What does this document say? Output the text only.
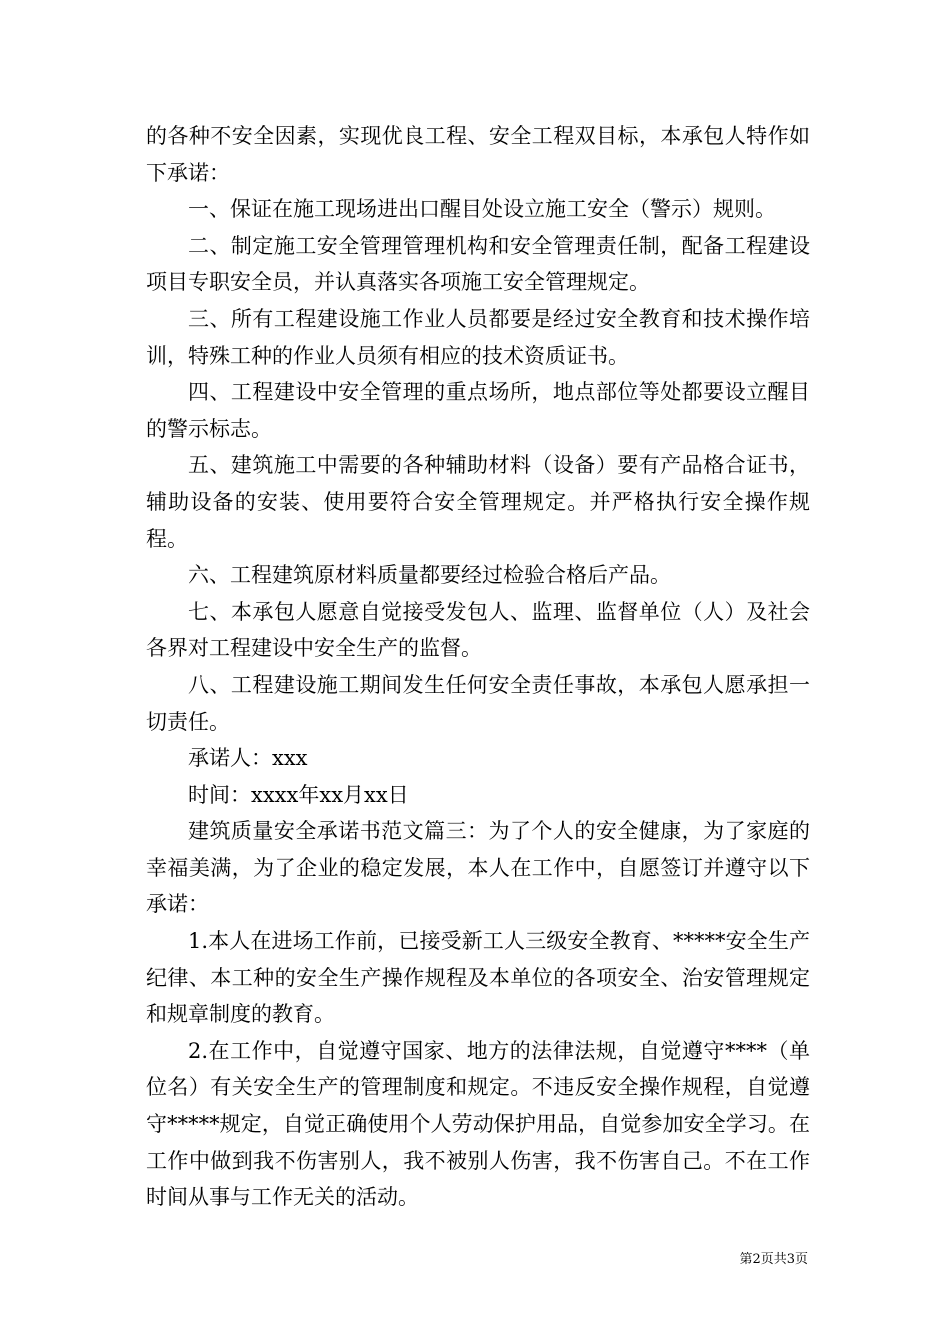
的各种不安全因素，实现优良工程、安全工程双目标，本承包人特作如下承诺：

一、保证在施工现场进出口醒目处设立施工安全（警示）规则。

二、制定施工安全管理管理机构和安全管理责任制，配备工程建设项目专职安全员，并认真落实各项施工安全管理规定。

三、所有工程建设施工作业人员都要是经过安全教育和技术操作培训，特殊工种的作业人员须有相应的技术资质证书。

四、工程建设中安全管理的重点场所，地点部位等处都要设立醒目的警示标志。

五、建筑施工中需要的各种辅助材料（设备）要有产品格合证书，辅助设备的安装、使用要符合安全管理规定。并严格执行安全操作规程。

六、工程建筑原材料质量都要经过检验合格后产品。

七、本承包人愿意自觉接受发包人、监理、监督单位（人）及社会各界对工程建设中安全生产的监督。

八、工程建设施工期间发生任何安全责任事故，本承包人愿承担一切责任。

承诺人：xxx

时间：xxxx年xx月xx日

建筑质量安全承诺书范文篇三：为了个人的安全健康，为了家庭的幸福美满，为了企业的稳定发展，本人在工作中，自愿签订并遵守以下承诺：

1.本人在进场工作前，已接受新工人三级安全教育、*****安全生产纪律、本工种的安全生产操作规程及本单位的各项安全、治安管理规定和规章制度的教育。

2.在工作中，自觉遵守国家、地方的法律法规，自觉遵守****（单位名）有关安全生产的管理制度和规定。不违反安全操作规程，自觉遵守*****规定，自觉正确使用个人劳动保护用品，自觉参加安全学习。在工作中做到我不伤害别人，我不被别人伤害，我不伤害自己。不在工作时间从事与工作无关的活动。

第2页共3页
